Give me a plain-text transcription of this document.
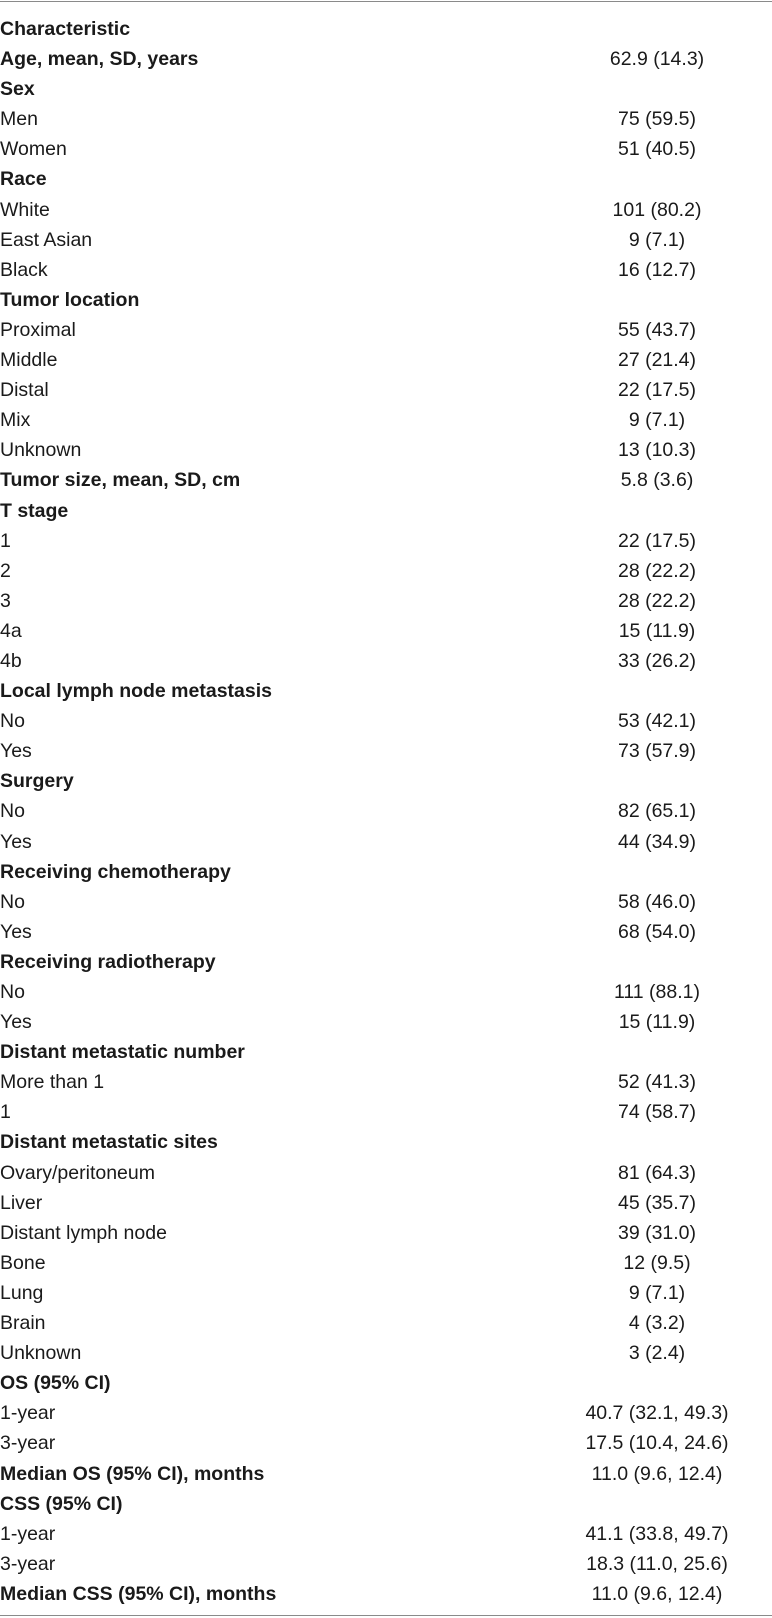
Characteristic
Age, mean, SD, years	62.9 (14.3)
Sex
Men	75 (59.5)
Women	51 (40.5)
Race
White	101 (80.2)
East Asian	9 (7.1)
Black	16 (12.7)
Tumor location
Proximal	55 (43.7)
Middle	27 (21.4)
Distal	22 (17.5)
Mix	9 (7.1)
Unknown	13 (10.3)
Tumor size, mean, SD, cm	5.8 (3.6)
T stage
1	22 (17.5)
2	28 (22.2)
3	28 (22.2)
4a	15 (11.9)
4b	33 (26.2)
Local lymph node metastasis
No	53 (42.1)
Yes	73 (57.9)
Surgery
No	82 (65.1)
Yes	44 (34.9)
Receiving chemotherapy
No	58 (46.0)
Yes	68 (54.0)
Receiving radiotherapy
No	111 (88.1)
Yes	15 (11.9)
Distant metastatic number
More than 1	52 (41.3)
1	74 (58.7)
Distant metastatic sites
Ovary/peritoneum	81 (64.3)
Liver	45 (35.7)
Distant lymph node	39 (31.0)
Bone	12 (9.5)
Lung	9 (7.1)
Brain	4 (3.2)
Unknown	3 (2.4)
OS (95% CI)
1-year	40.7 (32.1, 49.3)
3-year	17.5 (10.4, 24.6)
Median OS (95% CI), months	11.0 (9.6, 12.4)
CSS (95% CI)
1-year	41.1 (33.8, 49.7)
3-year	18.3 (11.0, 25.6)
Median CSS (95% CI), months	11.0 (9.6, 12.4)
